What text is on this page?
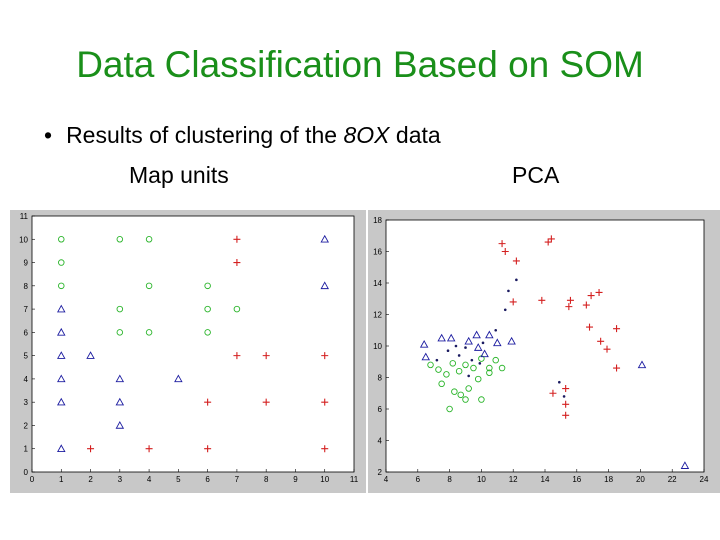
Data Classification Based on SOM
• Results of clustering of the 8OX data
Map units	PCA
0	1	2	3	4	5	6	7	8	9	10	11
0
1
2
3
4
5
6
7
8
9
10
11
4	6	8	10	12	14	16	18	20	22	24
2
4
6
8
10
12
14
16
18
